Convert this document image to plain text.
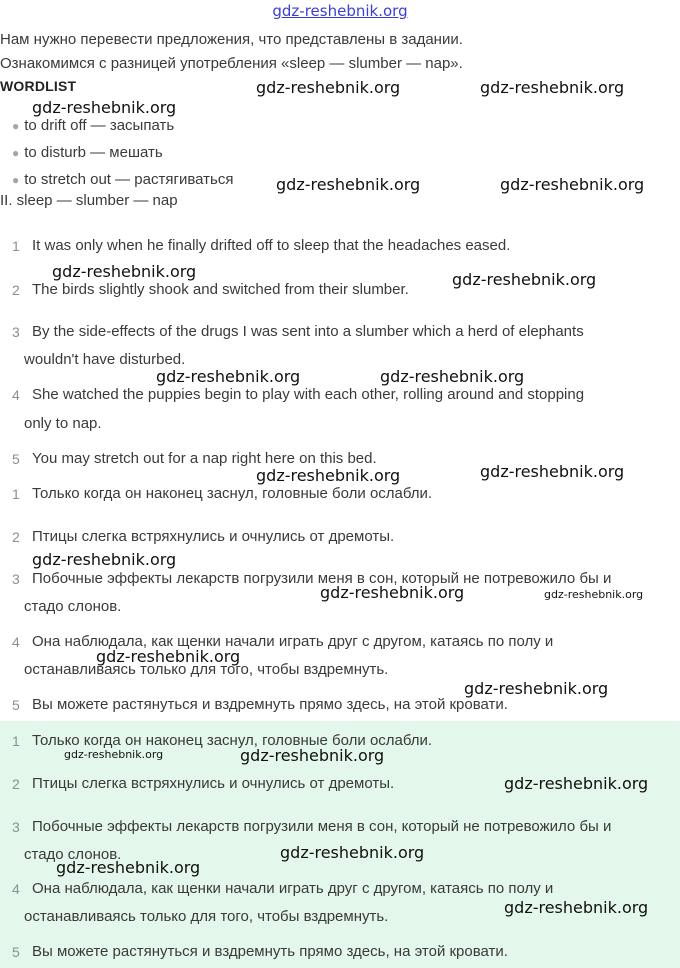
gdz-reshebnik.org
Нам нужно перевести предложения, что представлены в задании.
Ознакомимся с разницей употребления «sleep — slumber — nap».
WORDLIST
● to drift off — засыпать
● to disturb — мешать
● to stretch out — растягиваться
II. sleep — slumber — nap
1 It was only when he finally drifted off to sleep that the headaches eased.
2 The birds slightly shook and switched from their slumber.
3 By the side-effects of the drugs I was sent into a slumber which a herd of elephants
wouldn't have disturbed.
4 She watched the puppies begin to play with each other, rolling around and stopping
only to nap.
5 You may stretch out for a nap right here on this bed.
1 Только когда он наконец заснул, головные боли ослабли.
2 Птицы слегка встряхнулись и очнулись от дремоты.
3 Побочные эффекты лекарств погрузили меня в сон, который не потревожило бы и
стадо слонов.
4 Она наблюдала, как щенки начали играть друг с другом, катаясь по полу и
останавливаясь только для того, чтобы вздремнуть.
5 Вы можете растянуться и вздремнуть прямо здесь, на этой кровати.
1 Только когда он наконец заснул, головные боли ослабли.
2 Птицы слегка встряхнулись и очнулись от дремоты.
3 Побочные эффекты лекарств погрузили меня в сон, который не потревожило бы и
стадо слонов.
4 Она наблюдала, как щенки начали играть друг с другом, катаясь по полу и
останавливаясь только для того, чтобы вздремнуть.
5 Вы можете растянуться и вздремнуть прямо здесь, на этой кровати.
gdz-reshebnik.org	gdz-reshebnik.org
gdz-reshebnik.org
gdz-reshebnik.org	gdz-reshebnik.org
gdz-reshebnik.org	gdz-reshebnik.org
gdz-reshebnik.org	gdz-reshebnik.org
gdz-reshebnik.org	gdz-reshebnik.org
gdz-reshebnik.org
gdz-reshebnik.org	gdz-reshebnik.org
gdz-reshebnik.org
gdz-reshebnik.org
gdz-reshebnik.org	gdz-reshebnik.org
gdz-reshebnik.org
gdz-reshebnik.org
gdz-reshebnik.org
gdz-reshebnik.org
